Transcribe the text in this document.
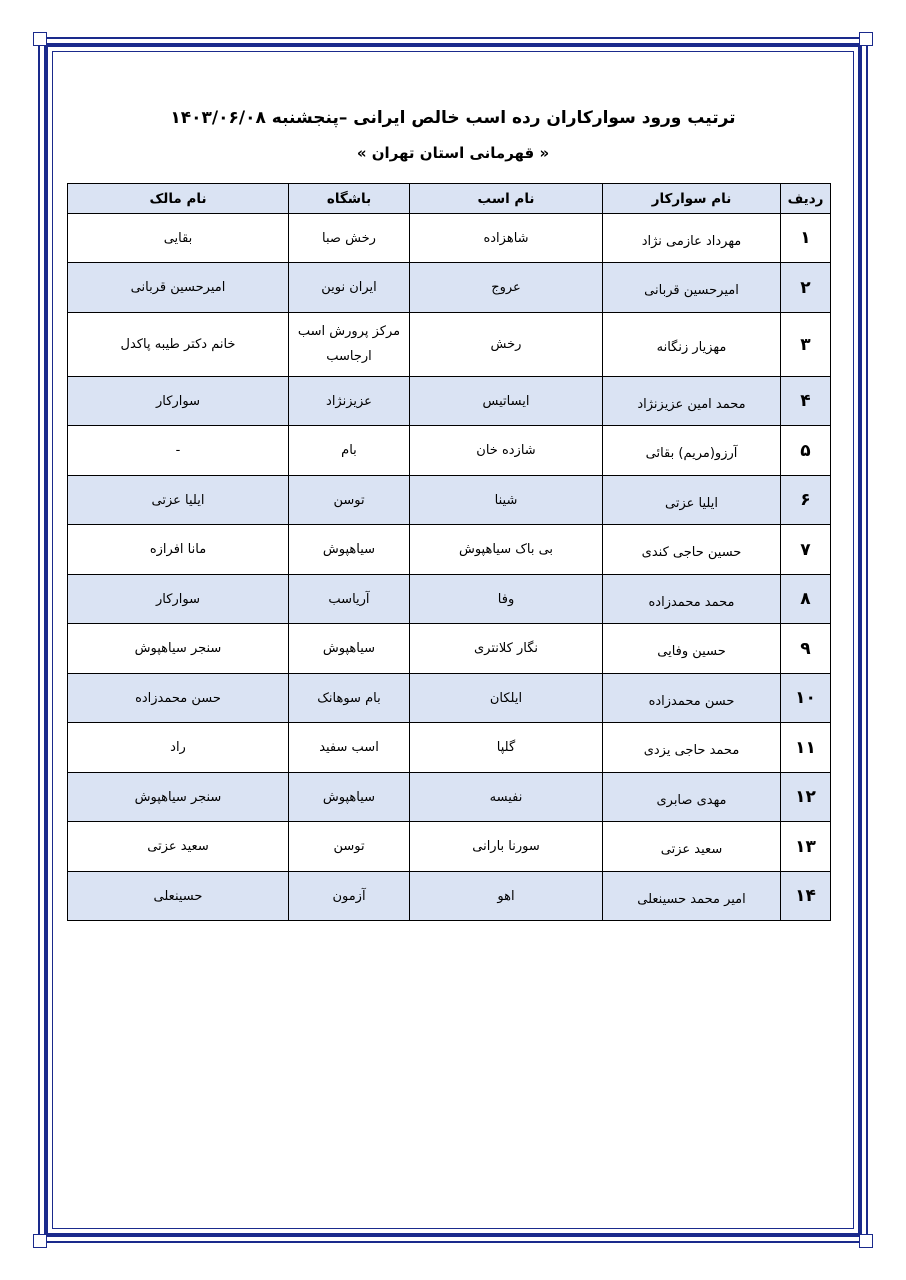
ترتیب ورود سوارکاران رده اسب خالص ایرانی –پنجشنبه ۱۴۰۳/۰۶/۰۸

« قهرمانی استان تهران »

ردیف	نام سوارکار	نام اسب	باشگاه	نام مالک
۱	مهرداد عازمی نژاد	شاهزاده	رخش صبا	بقایی
۲	امیرحسین قربانی	عروج	ایران نوین	امیرحسین قربانی
۳	مهزیار زنگانه	رخش	مرکز پرورش اسب ارجاسب	خانم دکتر طیبه پاکدل
۴	محمد امین عزیزنژاد	ایساتیس	عزیزنژاد	سوارکار
۵	آرزو(مریم) بقائی	شازده خان	بام	-
۶	ایلیا عزتی	شینا	توسن	ایلیا عزتی
۷	حسین حاجی کندی	بی باک سیاهپوش	سیاهپوش	مانا افرازه
۸	محمد محمدزاده	وفا	آریاسب	سوارکار
۹	حسین وفایی	نگار کلانتری	سیاهپوش	سنجر سیاهپوش
۱۰	حسن محمدزاده	ایلکان	بام سوهانک	حسن محمدزاده
۱۱	محمد حاجی یزدی	گلپا	اسب سفید	راد
۱۲	مهدی صابری	نفیسه	سیاهپوش	سنجر سیاهپوش
۱۳	سعید عزتی	سورنا بارانی	توسن	سعید عزتی
۱۴	امیر محمد حسینعلی	اهو	آزمون	حسینعلی
